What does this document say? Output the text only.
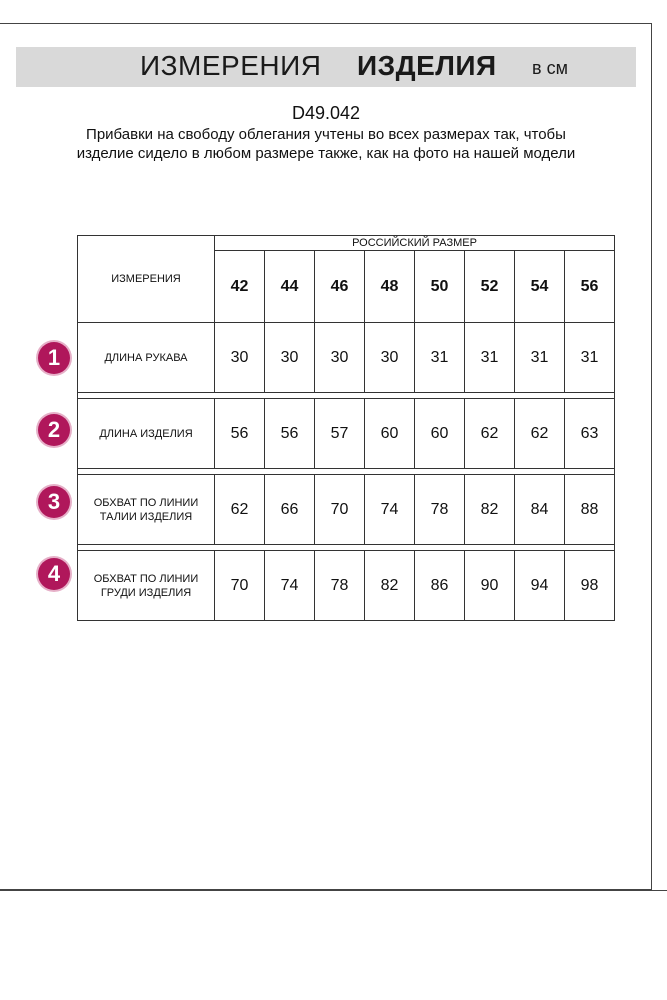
ИЗМЕРЕНИЯ ИЗДЕЛИЯ в см
D49.042
Прибавки на свободу облегания учтены во всех размерах так, чтобы изделие сидело в любом размере также, как на фото на нашей модели
ИЗМЕРЕНИЯ	РОССИЙСКИЙ РАЗМЕР							
	42	44	46	48	50	52	54	56
ДЛИНА РУКАВА	30	30	30	30	31	31	31	31

ДЛИНА ИЗДЕЛИЯ	56	56	57	60	60	62	62	63

ОБХВАТ ПО ЛИНИИ ТАЛИИ ИЗДЕЛИЯ	62	66	70	74	78	82	84	88

ОБХВАТ ПО ЛИНИИ ГРУДИ ИЗДЕЛИЯ	70	74	78	82	86	90	94	98
1
2
3
4
